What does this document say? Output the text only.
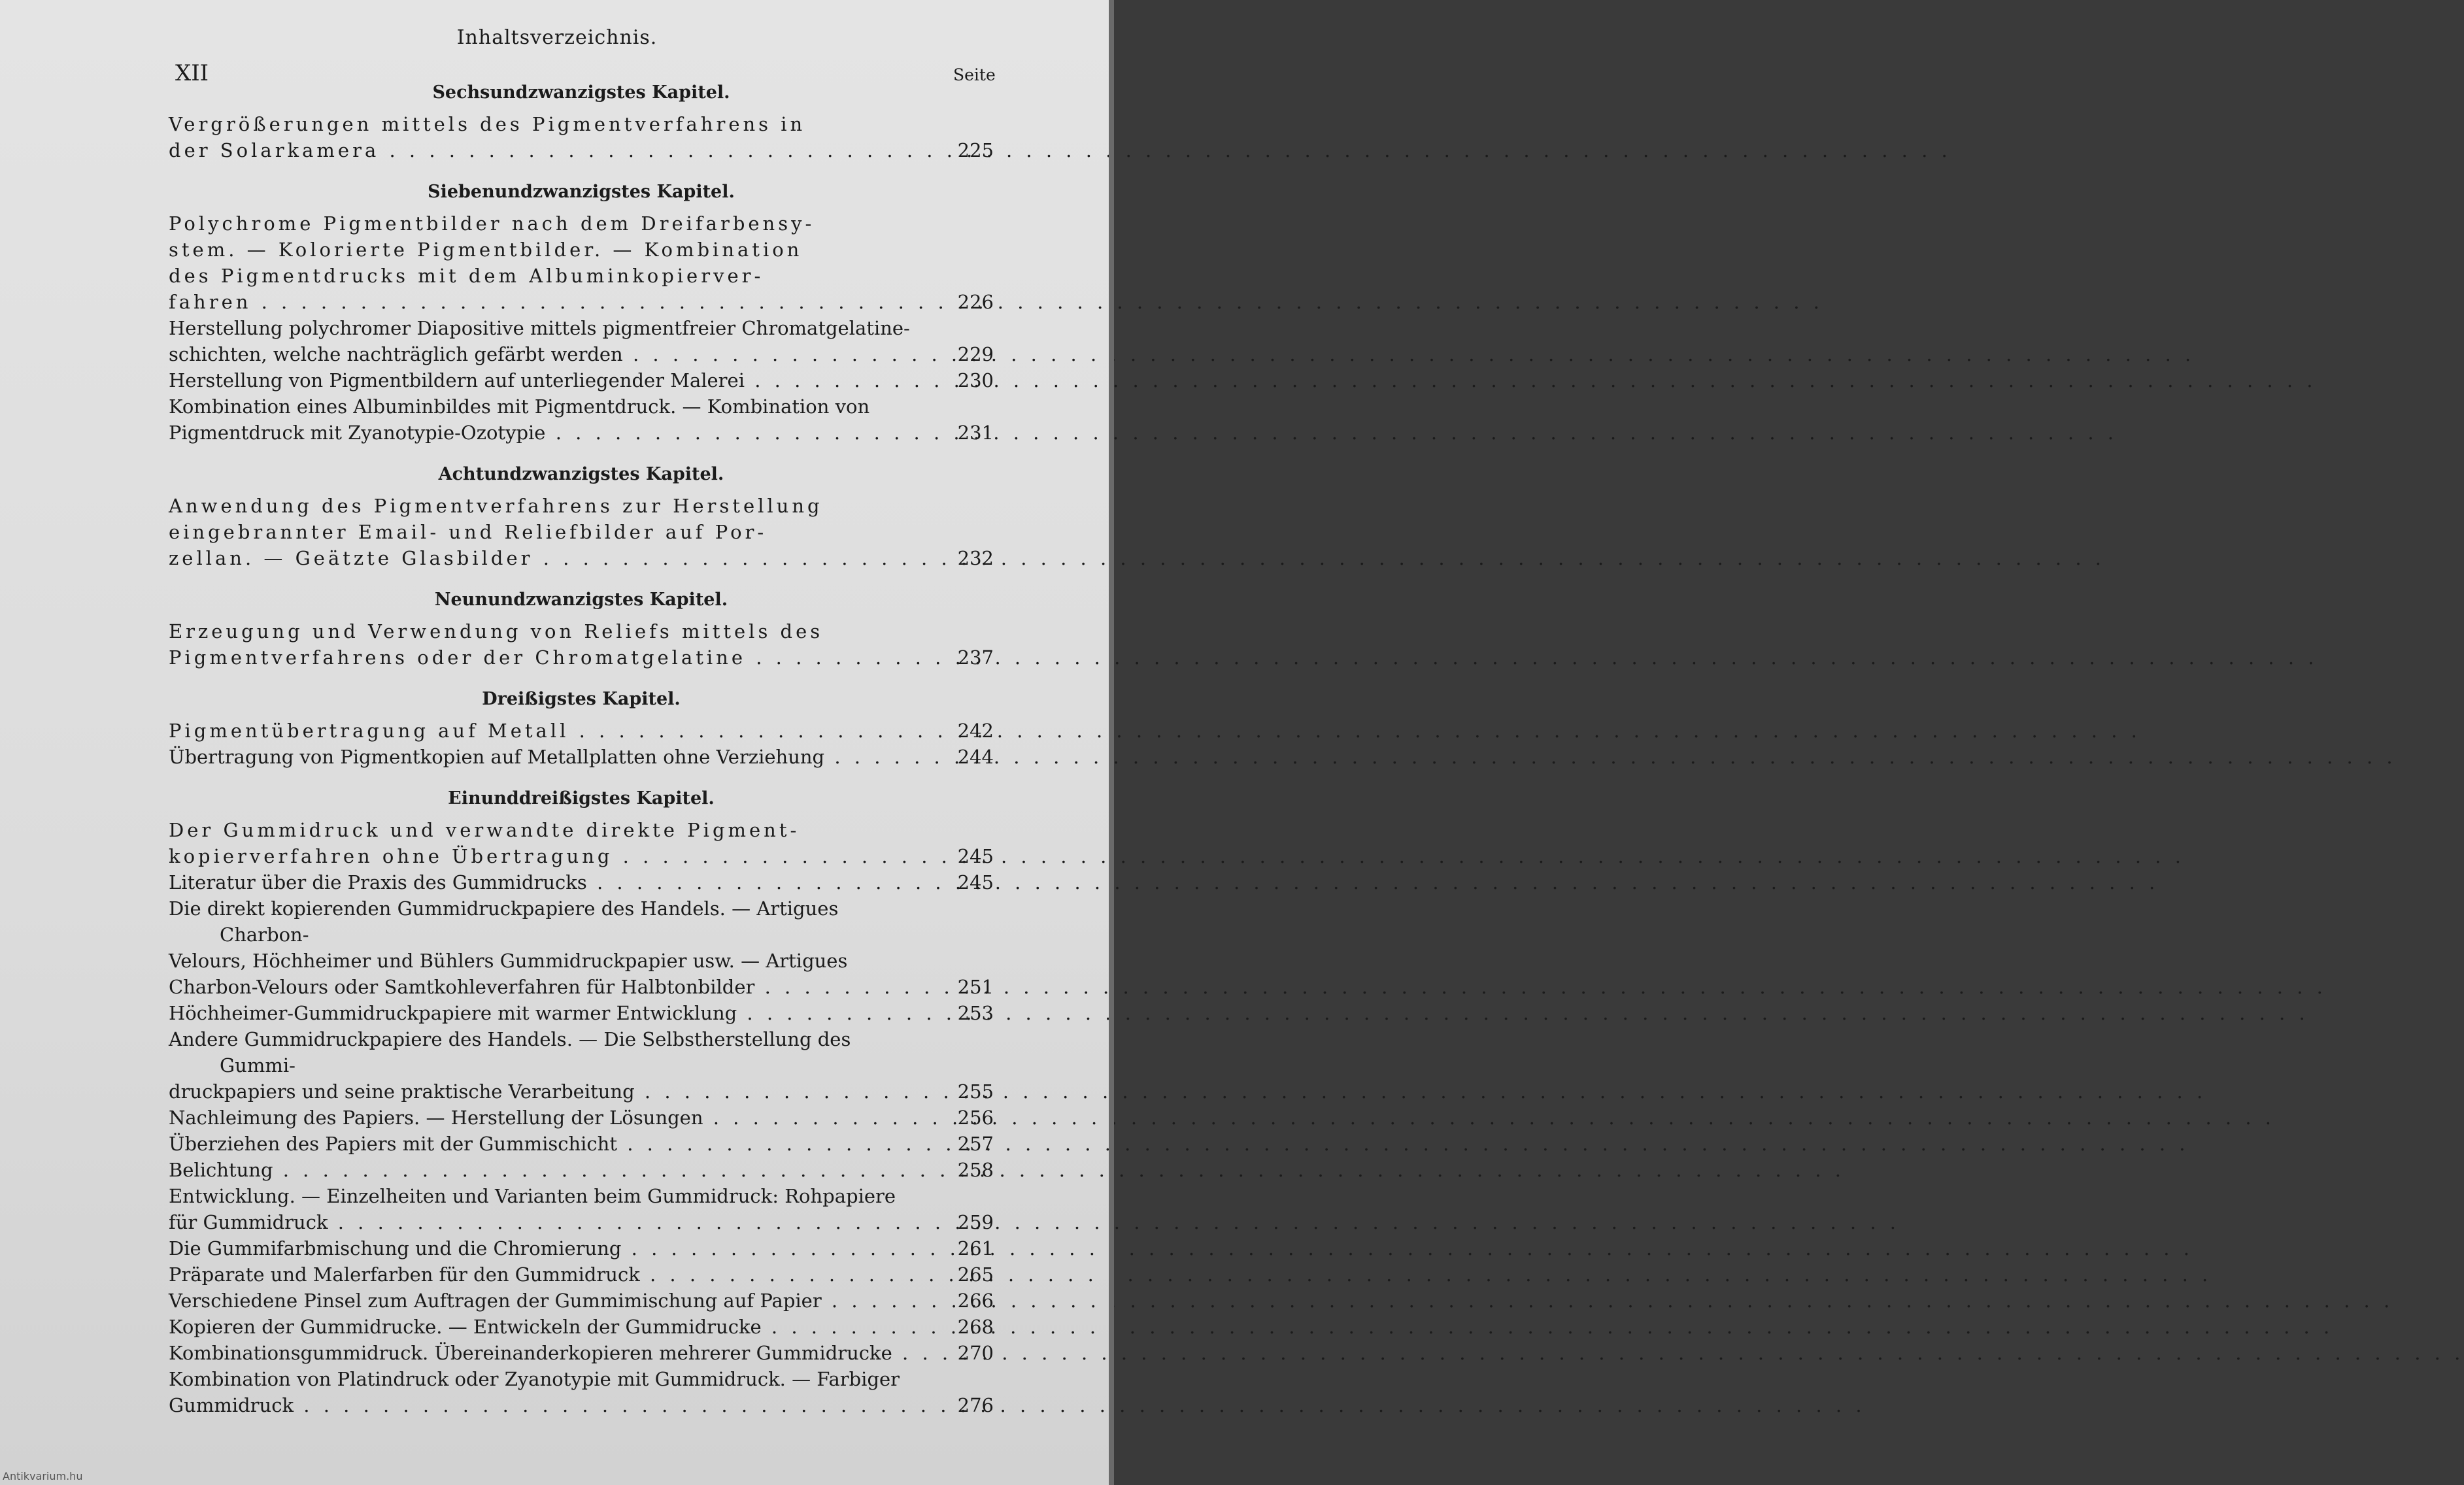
Inhaltsverzeichnis.
XII	Seite
Sechsundzwanzigstes Kapitel.
Vergrößerungen mittels des Pigmentverfahrens in
der Solarkamera . . .	225
Siebenundzwanzigstes Kapitel.
Polychrome Pigmentbilder nach dem Dreifarbensy-
stem. — Kolorierte Pigmentbilder. — Kombination
des Pigmentdrucks mit dem Albuminkopierver-
fahren . . .	226
Herstellung polychromer Diapositive mittels pigmentfreier Chromatgelatine-
schichten, welche nachträglich gefärbt werden . . .	229
Herstellung von Pigmentbildern auf unterliegender Malerei . . .	230
Kombination eines Albuminbildes mit Pigmentdruck. — Kombination von
Pigmentdruck mit Zyanotypie-Ozotypie . . .	231
Achtundzwanzigstes Kapitel.
Anwendung des Pigmentverfahrens zur Herstellung
eingebrannter Email- und Reliefbilder auf Por-
zellan. — Geätzte Glasbilder . . .	232
Neunundzwanzigstes Kapitel.
Erzeugung und Verwendung von Reliefs mittels des
Pigmentverfahrens oder der Chromatgelatine . . .	237
Dreißigstes Kapitel.
Pigmentübertragung auf Metall . . .	242
Übertragung von Pigmentkopien auf Metallplatten ohne Verziehung . . .	244
Einunddreißigstes Kapitel.
Der Gummidruck und verwandte direkte Pigment-
kopierverfahren ohne Übertragung . . .	245
Literatur über die Praxis des Gummidrucks . . .	245
Die direkt kopierenden Gummidruckpapiere des Handels. — Artigues Charbon-
Velours, Höchheimer und Bühlers Gummidruckpapier usw. — Artigues
Charbon-Velours oder Samtkohleverfahren für Halbtonbilder . . .	251
Höchheimer-Gummidruckpapiere mit warmer Entwicklung . . .	253
Andere Gummidruckpapiere des Handels. — Die Selbstherstellung des Gummi-
druckpapiers und seine praktische Verarbeitung . . .	255
Nachleimung des Papiers. — Herstellung der Lösungen . . .	256
Überziehen des Papiers mit der Gummischicht . . .	257
Belichtung . . .	258
Entwicklung. — Einzelheiten und Varianten beim Gummidruck: Rohpapiere
für Gummidruck . . .	259
Die Gummifarbmischung und die Chromierung . . .	261
Präparate und Malerfarben für den Gummidruck . . .	265
Verschiedene Pinsel zum Auftragen der Gummimischung auf Papier . . .	266
Kopieren der Gummidrucke. — Entwickeln der Gummidrucke . . .	268
Kombinationsgummidruck. Übereinanderkopieren mehrerer Gummidrucke . . .	270
Kombination von Platindruck oder Zyanotypie mit Gummidruck. — Farbiger
Gummidruck . . .	276
Antikvarium.hu
